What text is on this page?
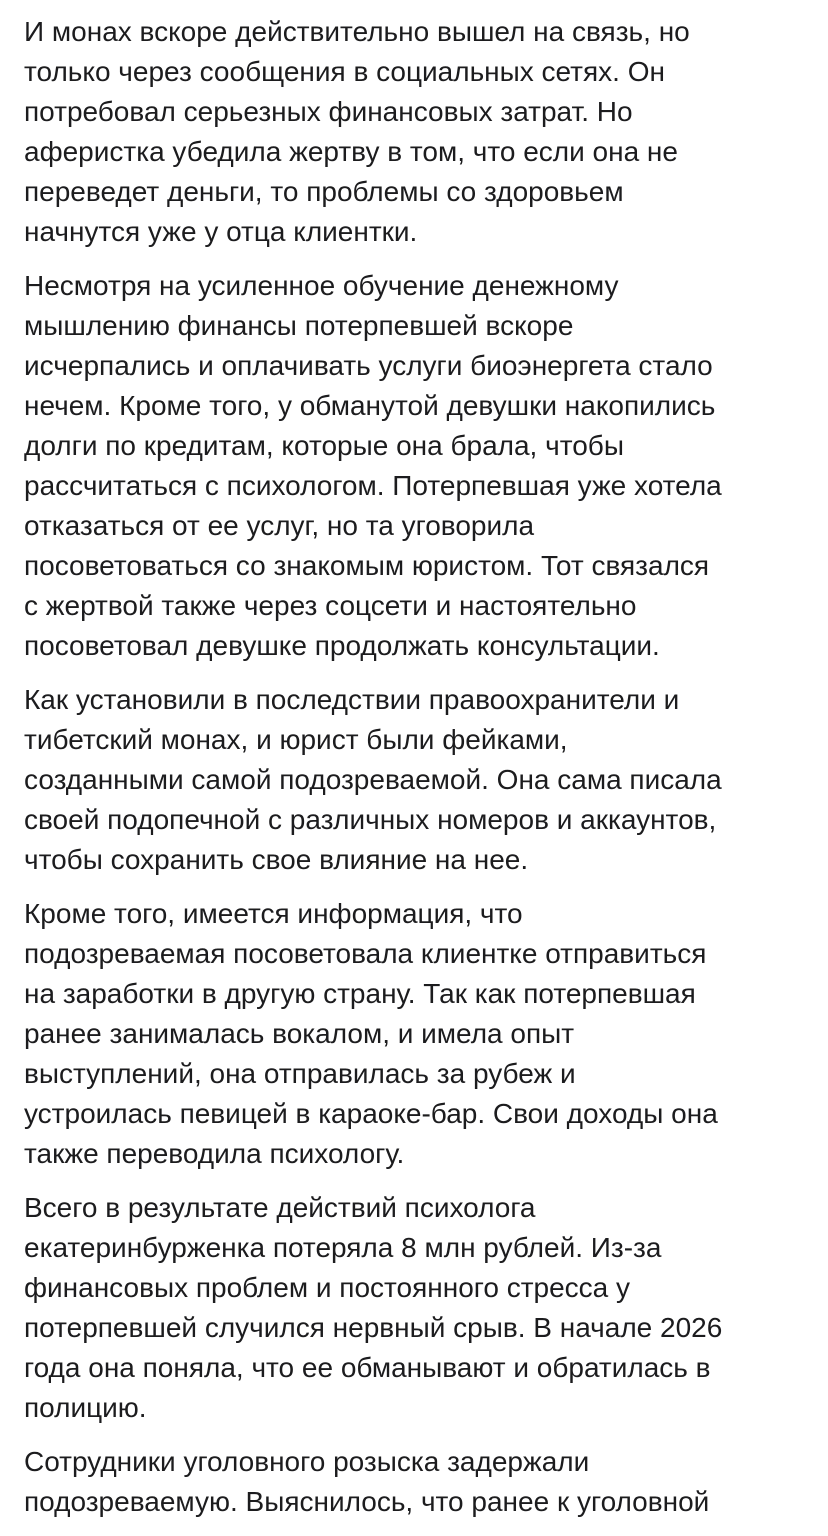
И монах вскоре действительно вышел на связь, но
только через сообщения в социальных сетях. Он
потребовал серьезных финансовых затрат. Но
аферистка убедила жертву в том, что если она не
переведет деньги, то проблемы со здоровьем
начнутся уже у отца клиентки.

Несмотря на усиленное обучение денежному
мышлению финансы потерпевшей вскоре
исчерпались и оплачивать услуги биоэнергета стало
нечем. Кроме того, у обманутой девушки накопились
долги по кредитам, которые она брала, чтобы
рассчитаться с психологом. Потерпевшая уже хотела
отказаться от ее услуг, но та уговорила
посоветоваться со знакомым юристом. Тот связался
с жертвой также через соцсети и настоятельно
посоветовал девушке продолжать консультации.

Как установили в последствии правоохранители и
тибетский монах, и юрист были фейками,
созданными самой подозреваемой. Она сама писала
своей подопечной с различных номеров и аккаунтов,
чтобы сохранить свое влияние на нее.

Кроме того, имеется информация, что
подозреваемая посоветовала клиентке отправиться
на заработки в другую страну. Так как потерпевшая
ранее занималась вокалом, и имела опыт
выступлений, она отправилась за рубеж и
устроилась певицей в караоке-бар. Свои доходы она
также переводила психологу.

Всего в результате действий психолога
екатеринбурженка потеряла 8 млн рублей. Из-за
финансовых проблем и постоянного стресса у
потерпевшей случился нервный срыв. В начале 2026
года она поняла, что ее обманывают и обратилась в
полицию.

Сотрудники уголовного розыска задержали
подозреваемую. Выяснилось, что ранее к уголовной
